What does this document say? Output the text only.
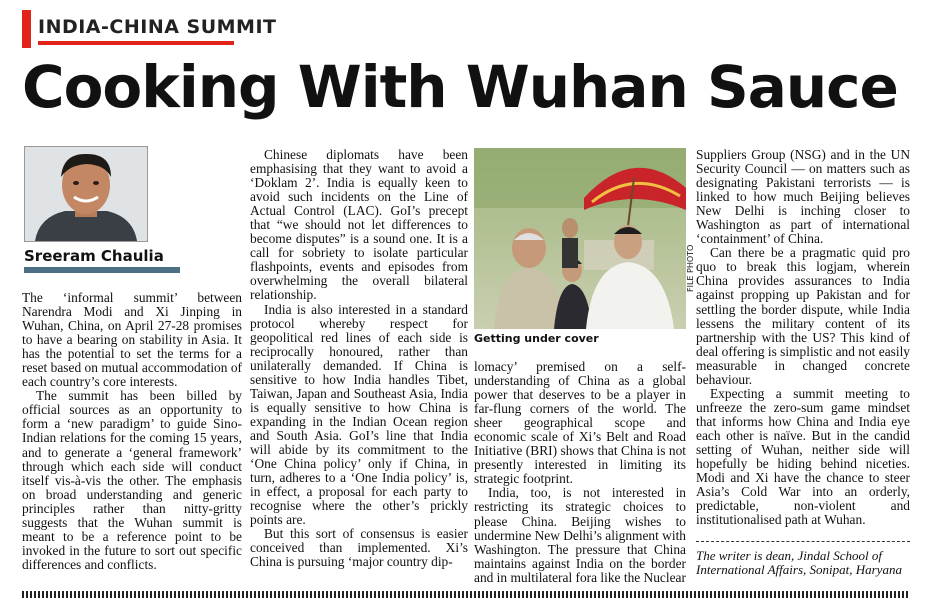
INDIA-CHINA SUMMIT
Cooking With Wuhan Sauce
Sreeram Chaulia

The ‘informal summit’ between Narendra Modi and Xi Jinping in Wuhan, China, on April 27-28 promises to have a bearing on stability in Asia. It has the potential to set the terms for a reset based on mutual accommodation of each country’s core interests.

The summit has been billed by official sources as an opportunity to form a ‘new paradigm’ to guide Sino-Indian relations for the coming 15 years, and to generate a ‘general framework’ through which each side will conduct itself vis-à-vis the other. The emphasis on broad understanding and generic principles rather than nitty-gritty suggests that the Wuhan summit is meant to be a reference point to be invoked in the future to sort out specific differences and conflicts.

Chinese diplomats have been emphasising that they want to avoid a ‘Doklam 2’. India is equally keen to avoid such incidents on the Line of Actual Control (LAC). GoI’s precept that “we should not let differences to become disputes” is a sound one. It is a call for sobriety to isolate particular flashpoints, events and episodes from overwhelming the overall bilateral relationship.

India is also interested in a standard protocol whereby respect for geopolitical red lines of each side is reciprocally honoured, rather than unilaterally demanded. If China is sensitive to how India handles Tibet, Taiwan, Japan and Southeast Asia, India is equally sensitive to how China is expanding in the Indian Ocean region and South Asia. GoI’s line that India will abide by its commitment to the ‘One China policy’ only if China, in turn, adheres to a ‘One India policy’ is, in effect, a proposal for each party to recognise where the other’s prickly points are.

But this sort of consensus is easier conceived than implemented. Xi’s China is pursuing ‘major country dip-

FILE PHOTO
Getting under cover

lomacy’ premised on a self-understanding of China as a global power that deserves to be a player in far-flung corners of the world. The sheer geographical scope and economic scale of Xi’s Belt and Road Initiative (BRI) shows that China is not presently interested in limiting its strategic footprint.

India, too, is not interested in restricting its strategic choices to please China. Beijing wishes to undermine New Delhi’s alignment with Washington. The pressure that China maintains against India on the border and in multilateral fora like the Nuclear

Suppliers Group (NSG) and in the UN Security Council — on matters such as designating Pakistani terrorists — is linked to how much Beijing believes New Delhi is inching closer to Washington as part of international ‘containment’ of China.

Can there be a pragmatic quid pro quo to break this logjam, wherein China provides assurances to India against propping up Pakistan and for settling the border dispute, while India lessens the military content of its partnership with the US? This kind of deal offering is simplistic and not easily measurable in changed concrete behaviour.

Expecting a summit meeting to unfreeze the zero-sum game mindset that informs how China and India eye each other is naïve. But in the candid setting of Wuhan, neither side will hopefully be hiding behind niceties. Modi and Xi have the chance to steer Asia’s Cold War into an orderly, predictable, non-violent and institutionalised path at Wuhan.

The writer is dean, Jindal School of International Affairs, Sonipat, Haryana
